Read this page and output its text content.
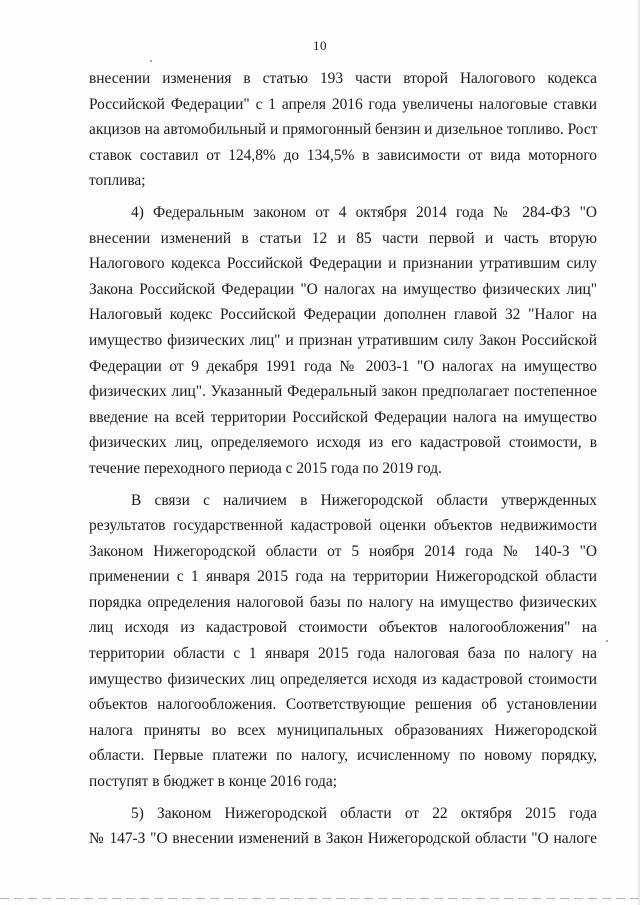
10

внесении изменения в статью 193 части второй Налогового кодекса
Российской Федерации" с 1 апреля 2016 года увеличены налоговые ставки
акцизов на автомобильный и прямогонный бензин и дизельное топливо. Рост
ставок составил от 124,8% до 134,5% в зависимости от вида моторного
топлива;

4) Федеральным законом от 4 октября 2014 года № 284-ФЗ "О
внесении изменений в статьи 12 и 85 части первой и часть вторую
Налогового кодекса Российской Федерации и признании утратившим силу
Закона Российской Федерации "О налогах на имущество физических лиц"
Налоговый кодекс Российской Федерации дополнен главой 32 "Налог на
имущество физических лиц" и признан утратившим силу Закон Российской
Федерации от 9 декабря 1991 года № 2003-1 "О налогах на имущество
физических лиц". Указанный Федеральный закон предполагает постепенное
введение на всей территории Российской Федерации налога на имущество
физических лиц, определяемого исходя из его кадастровой стоимости, в
течение переходного периода с 2015 года по 2019 год.

В связи с наличием в Нижегородской области утвержденных
результатов государственной кадастровой оценки объектов недвижимости
Законом Нижегородской области от 5 ноября 2014 года № 140-З "О
применении с 1 января 2015 года на территории Нижегородской области
порядка определения налоговой базы по налогу на имущество физических
лиц исходя из кадастровой стоимости объектов налогообложения" на
территории области с 1 января 2015 года налоговая база по налогу на
имущество физических лиц определяется исходя из кадастровой стоимости
объектов налогообложения. Соответствующие решения об установлении
налога приняты во всех муниципальных образованиях Нижегородской
области. Первые платежи по налогу, исчисленному по новому порядку,
поступят в бюджет в конце 2016 года;

5) Законом Нижегородской области от 22 октября 2015 года
№ 147-З "О внесении изменений в Закон Нижегородской области "О налоге
